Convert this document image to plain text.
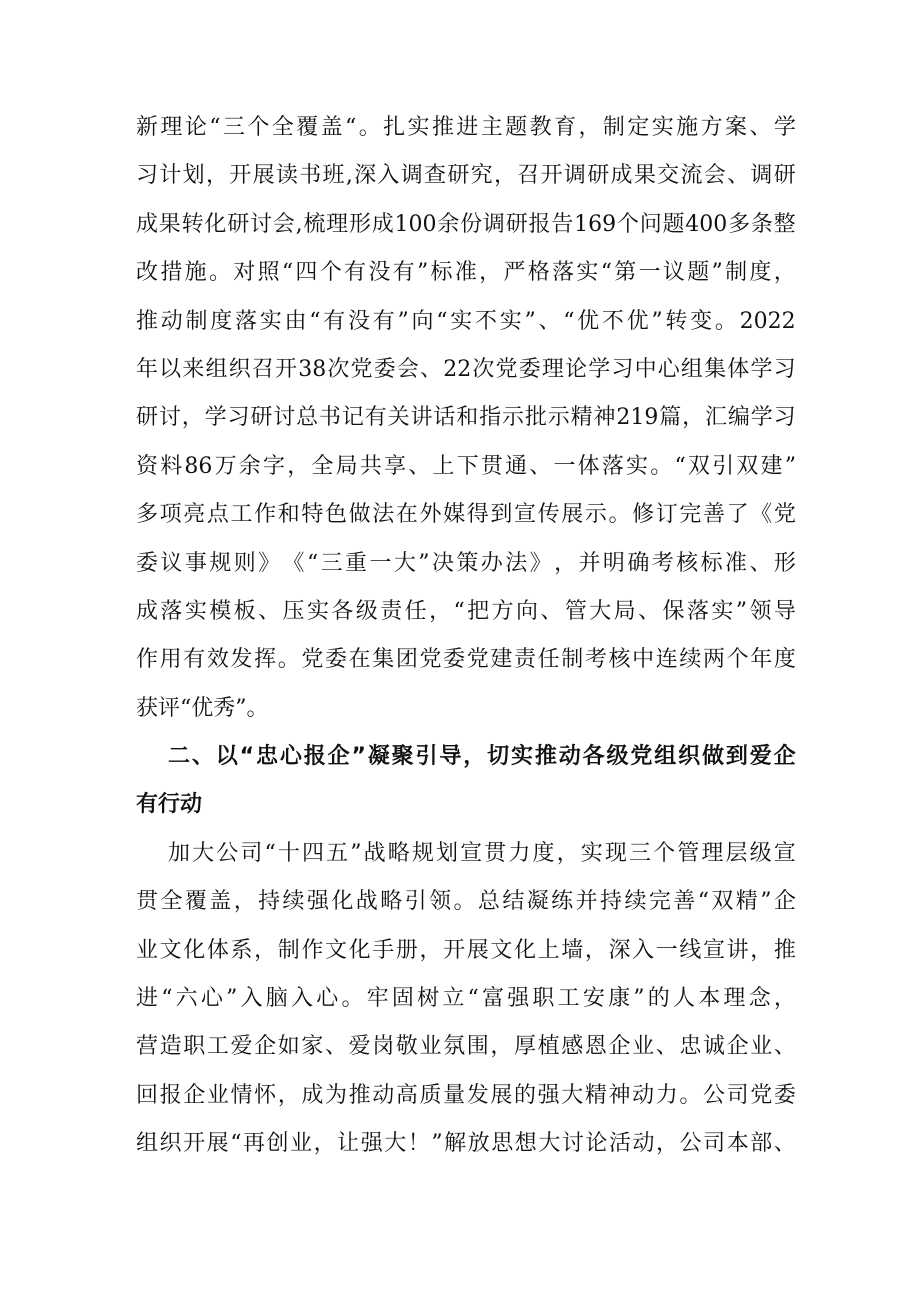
新 理 论 “ 三 个 全 覆 盖 “ 。 扎 实 推 进 主 题 教 育 ， 制 定 实 施 方 案 、 学
习 计 划 ， 开 展 读 书 班 , 深 入 调 查 研 究 ， 召 开 调 研 成 果 交 流 会 、 调 研
成 果 转 化 研 讨 会 , 梳 理 形 成 100 余 份 调 研 报 告 169 个 问 题 400 多 条 整
改 措 施 。 对 照 “ 四 个 有 没 有 ” 标 准 ， 严 格 落 实 “ 第 一 议 题 ” 制 度 ，
推 动 制 度 落 实 由 “ 有 没 有 ” 向 “ 实 不 实 ” 、 “ 优 不 优 ” 转 变 。 2022
年 以 来 组 织 召 开 38 次 党 委 会 、 22 次 党 委 理 论 学 习 中 心 组 集 体 学 习
研 讨 ， 学 习 研 讨 总 书 记 有 关 讲 话 和 指 示 批 示 精 神 219 篇 ， 汇 编 学 习
资 料 86 万 余 字 ， 全 局 共 享 、 上 下 贯 通 、 一 体 落 实 。 “ 双 引 双 建 ”
多 项 亮 点 工 作 和 特 色 做 法 在 外 媒 得 到 宣 传 展 示 。 修 订 完 善 了 《 党
委 议 事 规 则 》 《 “ 三 重 一 大 ” 决 策 办 法 》 ， 并 明 确 考 核 标 准 、 形
成 落 实 模 板 、 压 实 各 级 责 任 ， “ 把 方 向 、 管 大 局 、 保 落 实 ” 领 导
作 用 有 效 发 挥 。 党 委 在 集 团 党 委 党 建 责 任 制 考 核 中 连 续 两 个 年 度
获评“优秀”。
二 、 以 “ 忠 心 报 企 ” 凝 聚 引 导 ， 切 实 推 动 各 级 党 组 织 做 到 爱 企
有行动
加 大 公 司 “ 十 四 五 ” 战 略 规 划 宣 贯 力 度 ， 实 现 三 个 管 理 层 级 宣
贯 全 覆 盖 ， 持 续 强 化 战 略 引 领 。 总 结 凝 练 并 持 续 完 善 “ 双 精 ” 企
业 文 化 体 系 ， 制 作 文 化 手 册 ， 开 展 文 化 上 墙 ， 深 入 一 线 宣 讲 ， 推
进 “ 六 心 ” 入 脑 入 心 。 牢 固 树 立 “ 富 强 职 工 安 康 ” 的 人 本 理 念 ，
营 造 职 工 爱 企 如 家 、 爱 岗 敬 业 氛 围 ， 厚 植 感 恩 企 业 、 忠 诚 企 业 、
回 报 企 业 情 怀 ， 成 为 推 动 高 质 量 发 展 的 强 大 精 神 动 力 。 公 司 党 委
组 织 开 展 “ 再 创 业 ， 让 强 大 ！ ” 解 放 思 想 大 讨 论 活 动 ， 公 司 本 部 、
